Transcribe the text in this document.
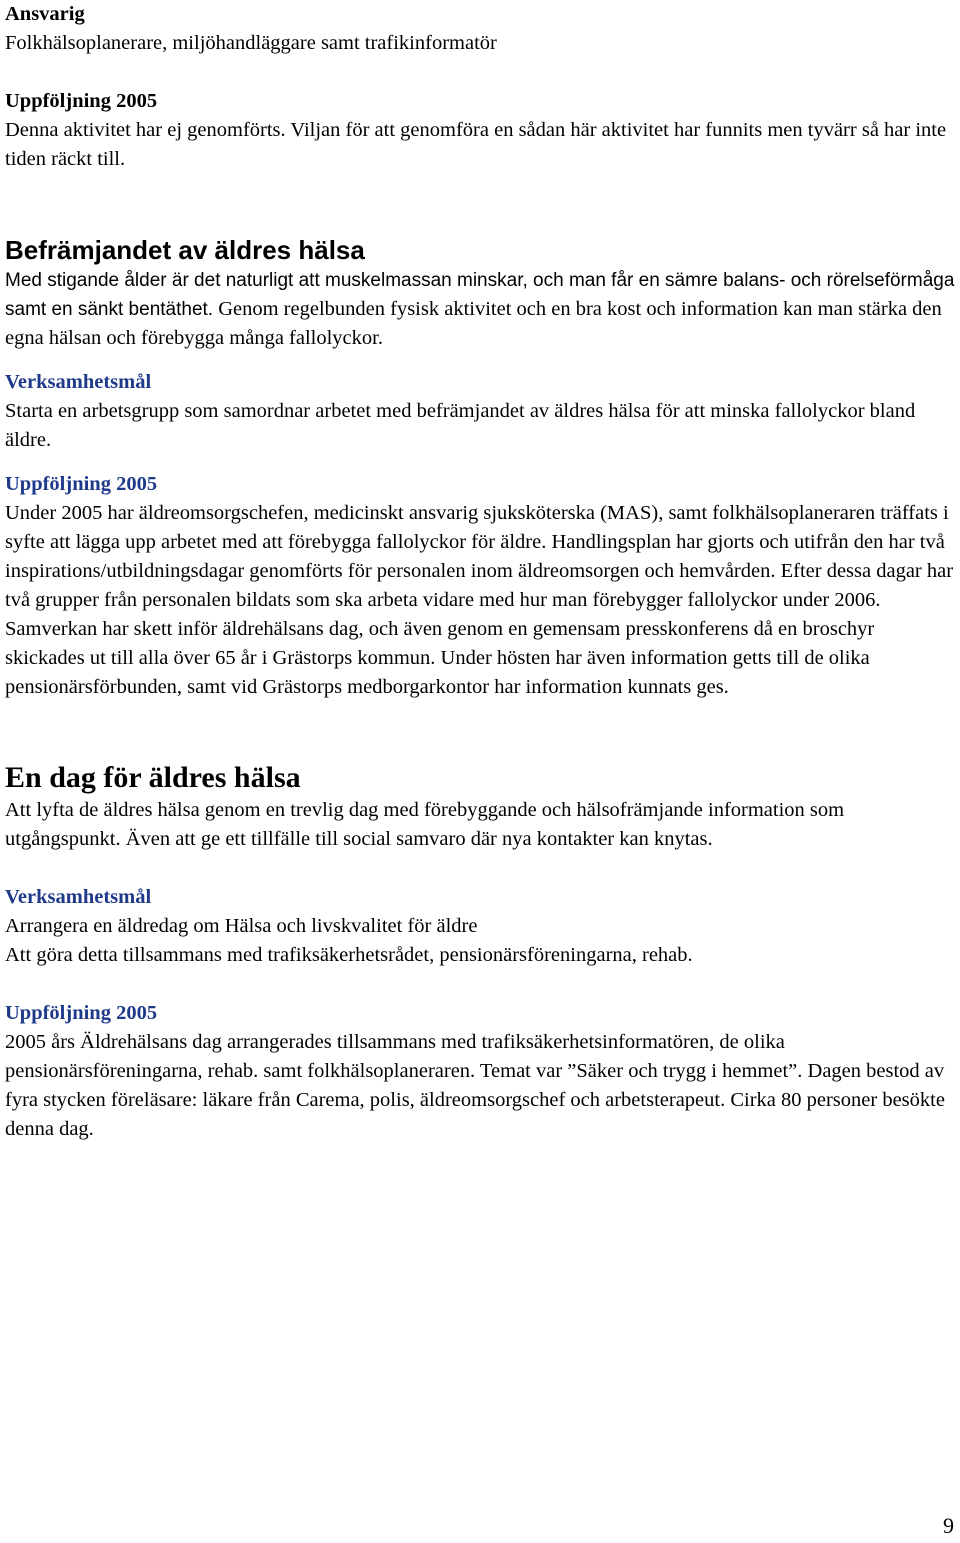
Ansvarig

Folkhälsoplanerare, miljöhandläggare samt trafikinformatör

Uppföljning 2005

Denna aktivitet har ej genomförts. Viljan för att genomföra en sådan här aktivitet har funnits men tyvärr så har inte tiden räckt till.

Befrämjandet av äldres hälsa

Med stigande ålder är det naturligt att muskelmassan minskar, och man får en sämre balans- och rörelseförmåga samt en sänkt bentäthet. Genom regelbunden fysisk aktivitet och en bra kost och information kan man stärka den egna hälsan och förebygga många fallolyckor.

Verksamhetsmål

Starta en arbetsgrupp som samordnar arbetet med befrämjandet av äldres hälsa för att minska fallolyckor bland äldre.

Uppföljning 2005

Under 2005 har äldreomsorgschefen, medicinskt ansvarig sjuksköterska (MAS), samt folkhälsoplaneraren träffats i syfte att lägga upp arbetet med att förebygga fallolyckor för äldre. Handlingsplan har gjorts och utifrån den har två inspirations/utbildningsdagar genomförts för personalen inom äldreomsorgen och hemvården. Efter dessa dagar har två grupper från personalen bildats som ska arbeta vidare med hur man förebygger fallolyckor under 2006.

Samverkan har skett inför äldrehälsans dag, och även genom en gemensam presskonferens då en broschyr skickades ut till alla över 65 år i Grästorps kommun. Under hösten har även information getts till de olika pensionärsförbunden, samt vid Grästorps medborgarkontor har information kunnats ges.

En dag för äldres hälsa

Att lyfta de äldres hälsa genom en trevlig dag med förebyggande och hälsofrämjande information som utgångspunkt. Även att ge ett tillfälle till social samvaro där nya kontakter kan knytas.

Verksamhetsmål

Arrangera en äldredag om Hälsa och livskvalitet för äldre

Att göra detta tillsammans med trafiksäkerhetsrådet, pensionärsföreningarna, rehab.

Uppföljning 2005

2005 års Äldrehälsans dag arrangerades tillsammans med trafiksäkerhetsinformatören, de olika pensionärsföreningarna, rehab. samt folkhälsoplaneraren. Temat var ”Säker och trygg i hemmet”. Dagen bestod av fyra stycken föreläsare: läkare från Carema, polis, äldreomsorgschef och arbetsterapeut. Cirka 80 personer besökte denna dag.

9
